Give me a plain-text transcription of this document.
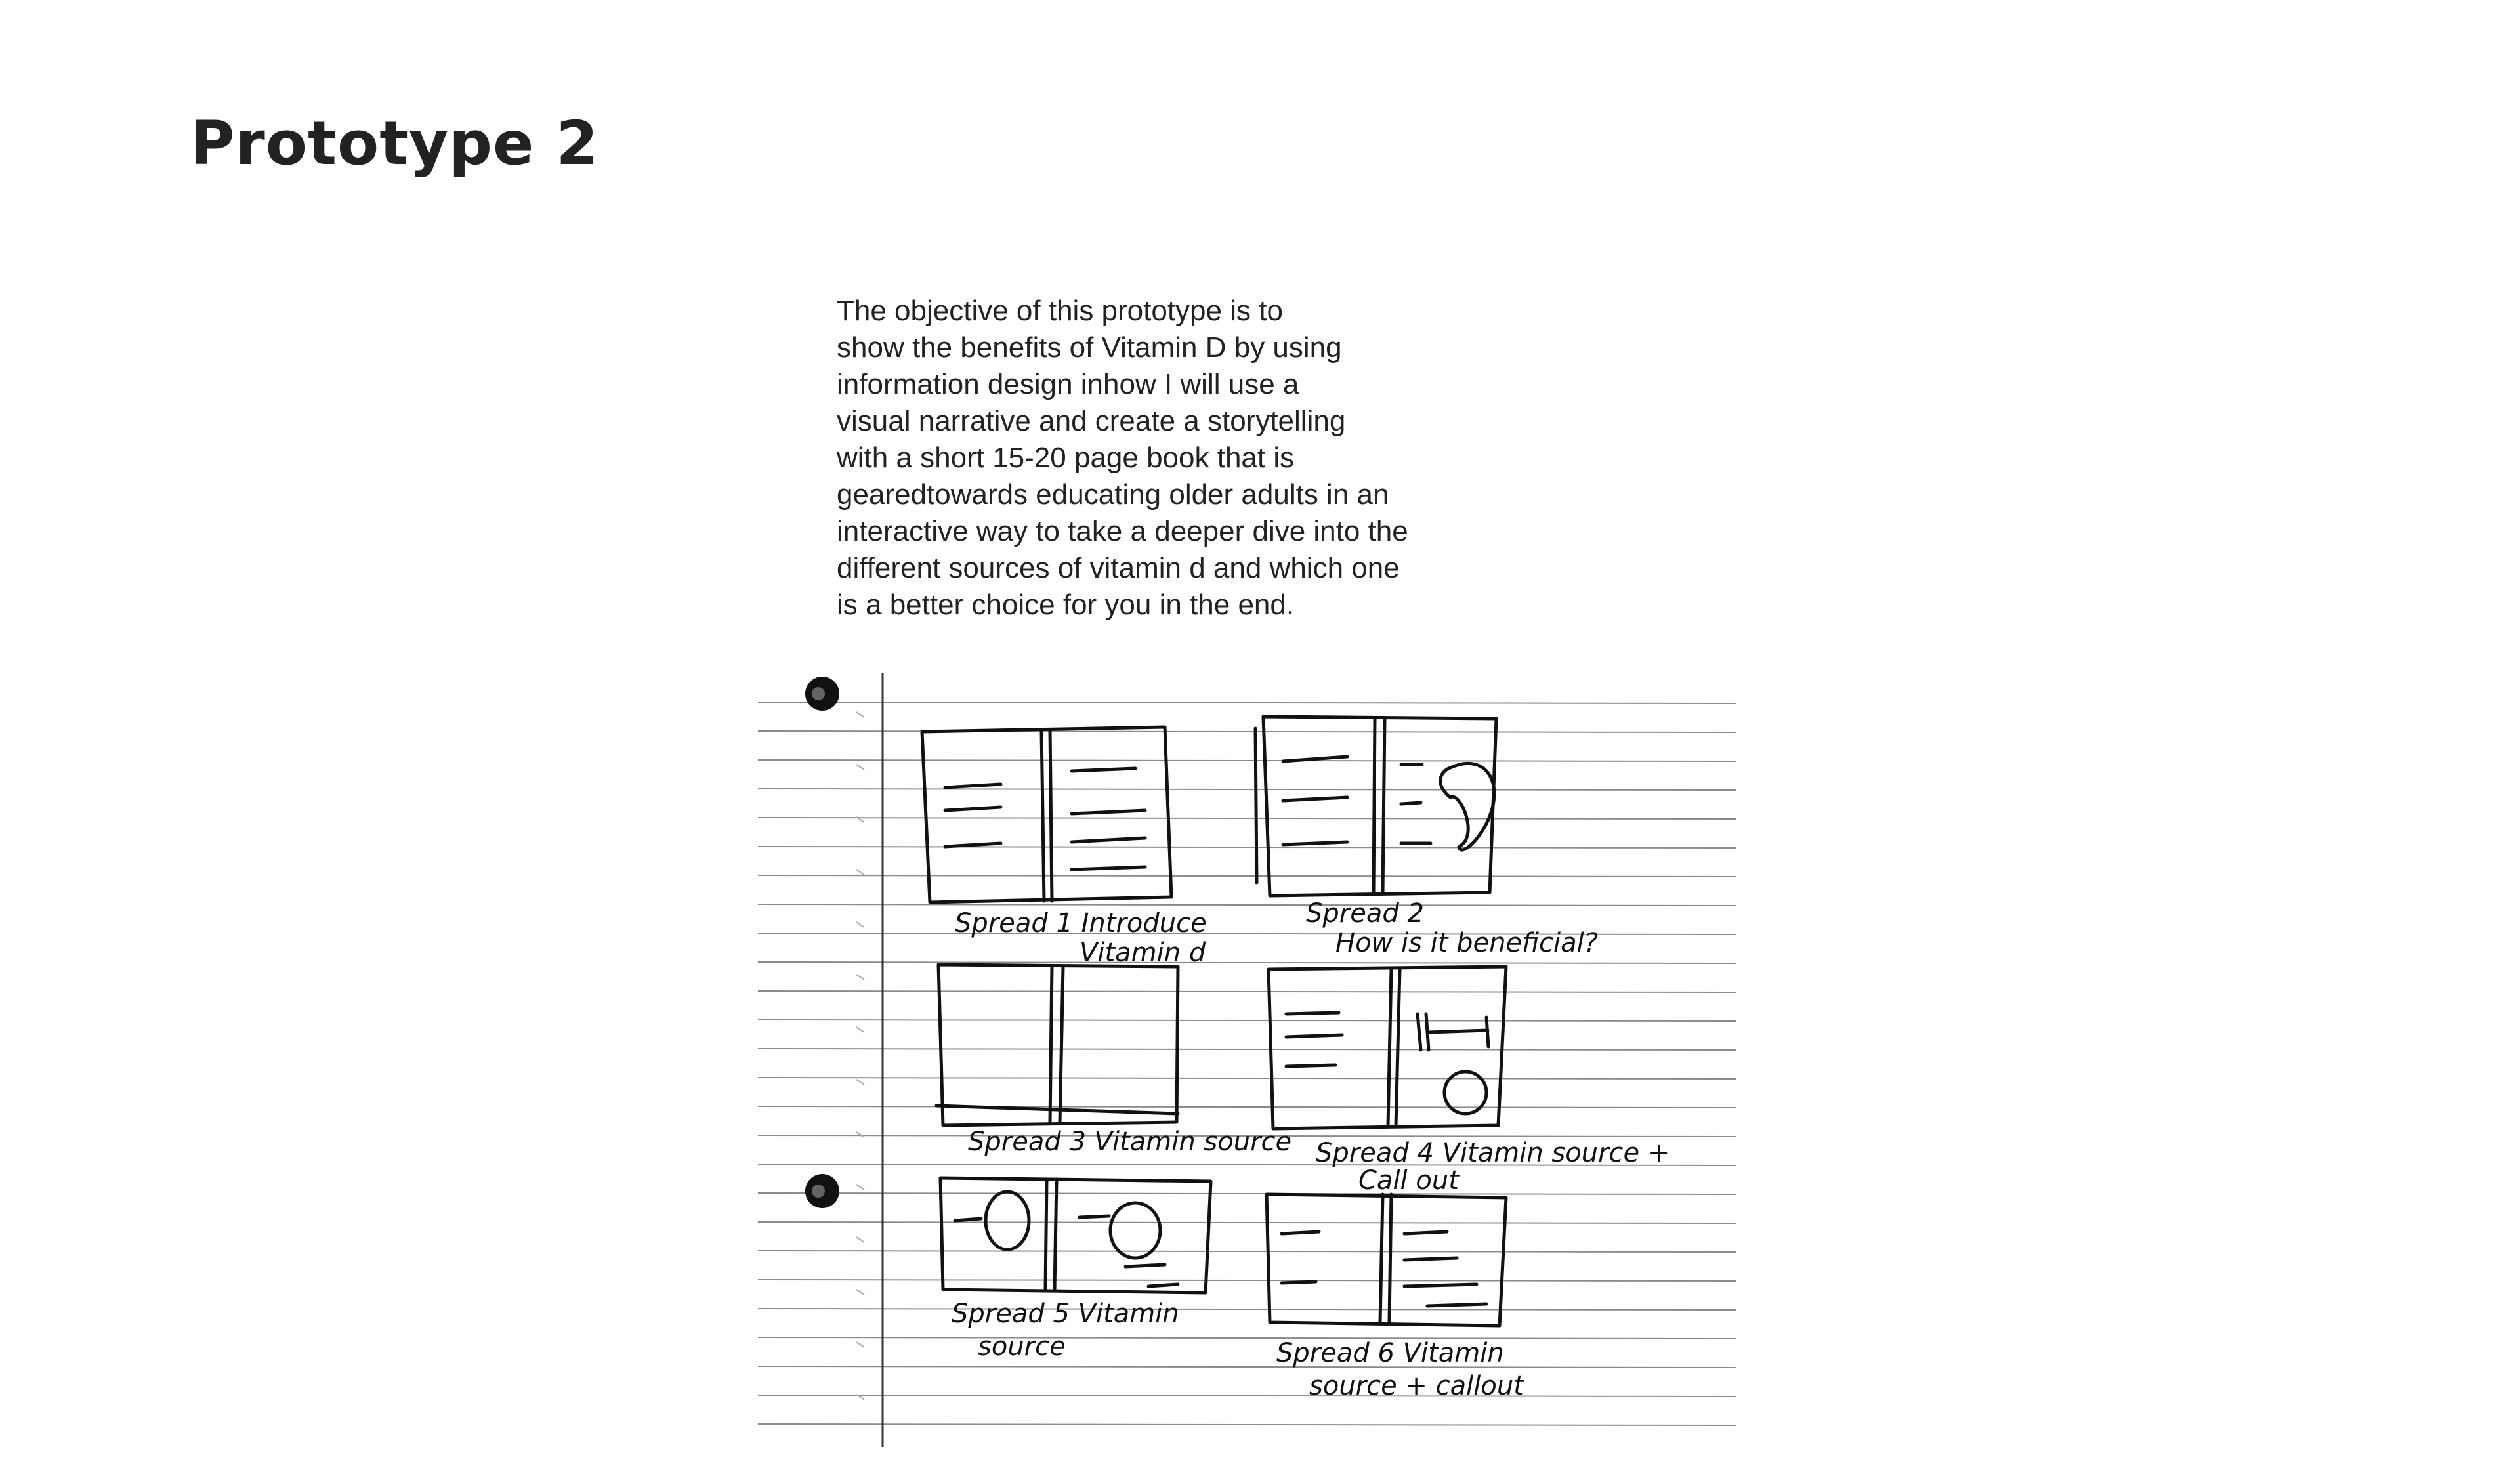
Prototype 2
The objective of this prototype is to
show the benefits of Vitamin D by using
information design inhow I will use a
visual narrative and create a storytelling
with a short 15-20 page book that is
gearedtowards educating older adults in an
interactive way to take a deeper dive into the
different sources of vitamin d and which one
is a better choice for you in the end.
Spread 1 Introduce
Vitamin d
Spread 2
How is it beneficial?
Spread 3 Vitamin source Spread 4 Vitamin source +
Call out
Spread 5 Vitamin
source	Spread 6 Vitamin
source + callout
